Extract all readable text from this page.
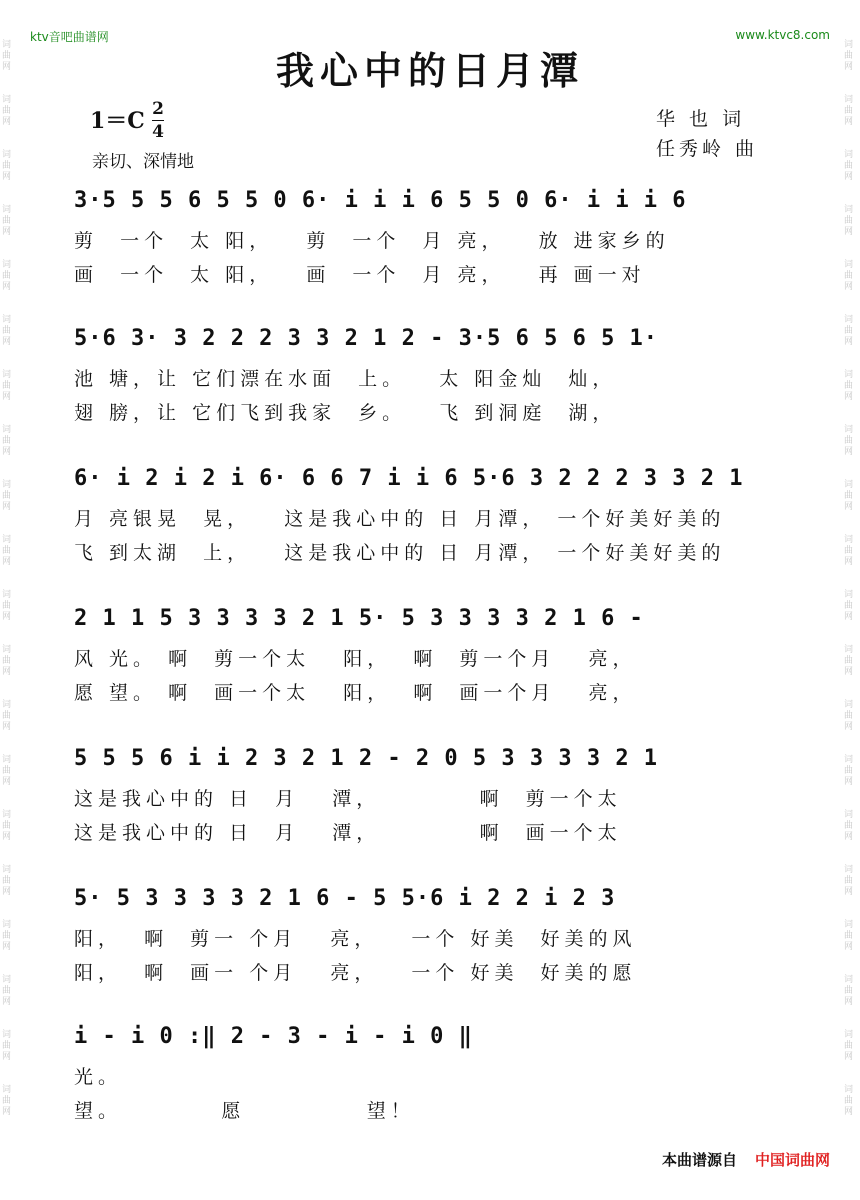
ktv音吧曲谱网	www.ktvc8.com
词
曲
网

词
曲
网

词
曲
网

词
曲
网

词
曲
网

词
曲
网

词
曲
网

词
曲
网

词
曲
网

词
曲
网

词
曲
网

词
曲
网

词
曲
网

词
曲
网

词
曲
网

词
曲
网

词
曲
网

词
曲
网

词
曲
网

词
曲
网
词
曲
网

词
曲
网

词
曲
网

词
曲
网

词
曲
网

词
曲
网

词
曲
网

词
曲
网

词
曲
网

词
曲
网

词
曲
网

词
曲
网

词
曲
网

词
曲
网

词
曲
网

词
曲
网

词
曲
网

词
曲
网

词
曲
网

词
曲
网
我心中的日月潭
1＝C 2
4
亲切、深情地
华 也 词
任秀岭 曲
3·5 5 5 6 5 5 0 6· i i i 6 5 5 0 6· i i i 6
剪  一个  太 阳，   剪  一个  月 亮，   放 进家乡的
画  一个  太 阳，   画  一个  月 亮，   再 画一对
5·6 3· 3 2 2 2 3 3 2 1 2 - 3·5 6 5 6 5 1·
池 塘，让 它们漂在水面  上。   太 阳金灿  灿，
翅 膀，让 它们飞到我家  乡。   飞 到洞庭  湖，
6· i 2 i 2 i 6· 6 6 7 i i 6 5·6 3 2 2 2 3 3 2 1
月 亮银晃  晃，   这是我心中的 日 月潭， 一个好美好美的
飞 到太湖  上，   这是我心中的 日 月潭， 一个好美好美的
2 1 1 5 3 3 3 3 2 1 5· 5 3 3 3 3 2 1 6 -
风 光。 啊  剪一个太   阳，  啊  剪一个月   亮，
愿 望。 啊  画一个太   阳，  啊  画一个月   亮，
5 5 5 6 i i 2 3 2 1 2 - 2 0 5 3 3 3 3 2 1
这是我心中的 日  月   潭，         啊  剪一个太
这是我心中的 日  月   潭，         啊  画一个太
5· 5 3 3 3 3 2 1 6 - 5 5·6 i 2 2 i 2 3
阳，  啊  剪一 个月   亮，   一个 好美  好美的风
阳，  啊  画一 个月   亮，   一个 好美  好美的愿
i - i 0 :‖ 2 - 3 - i - i 0 ‖
光。
望。         愿           望！
本曲谱源自 中国词曲网
